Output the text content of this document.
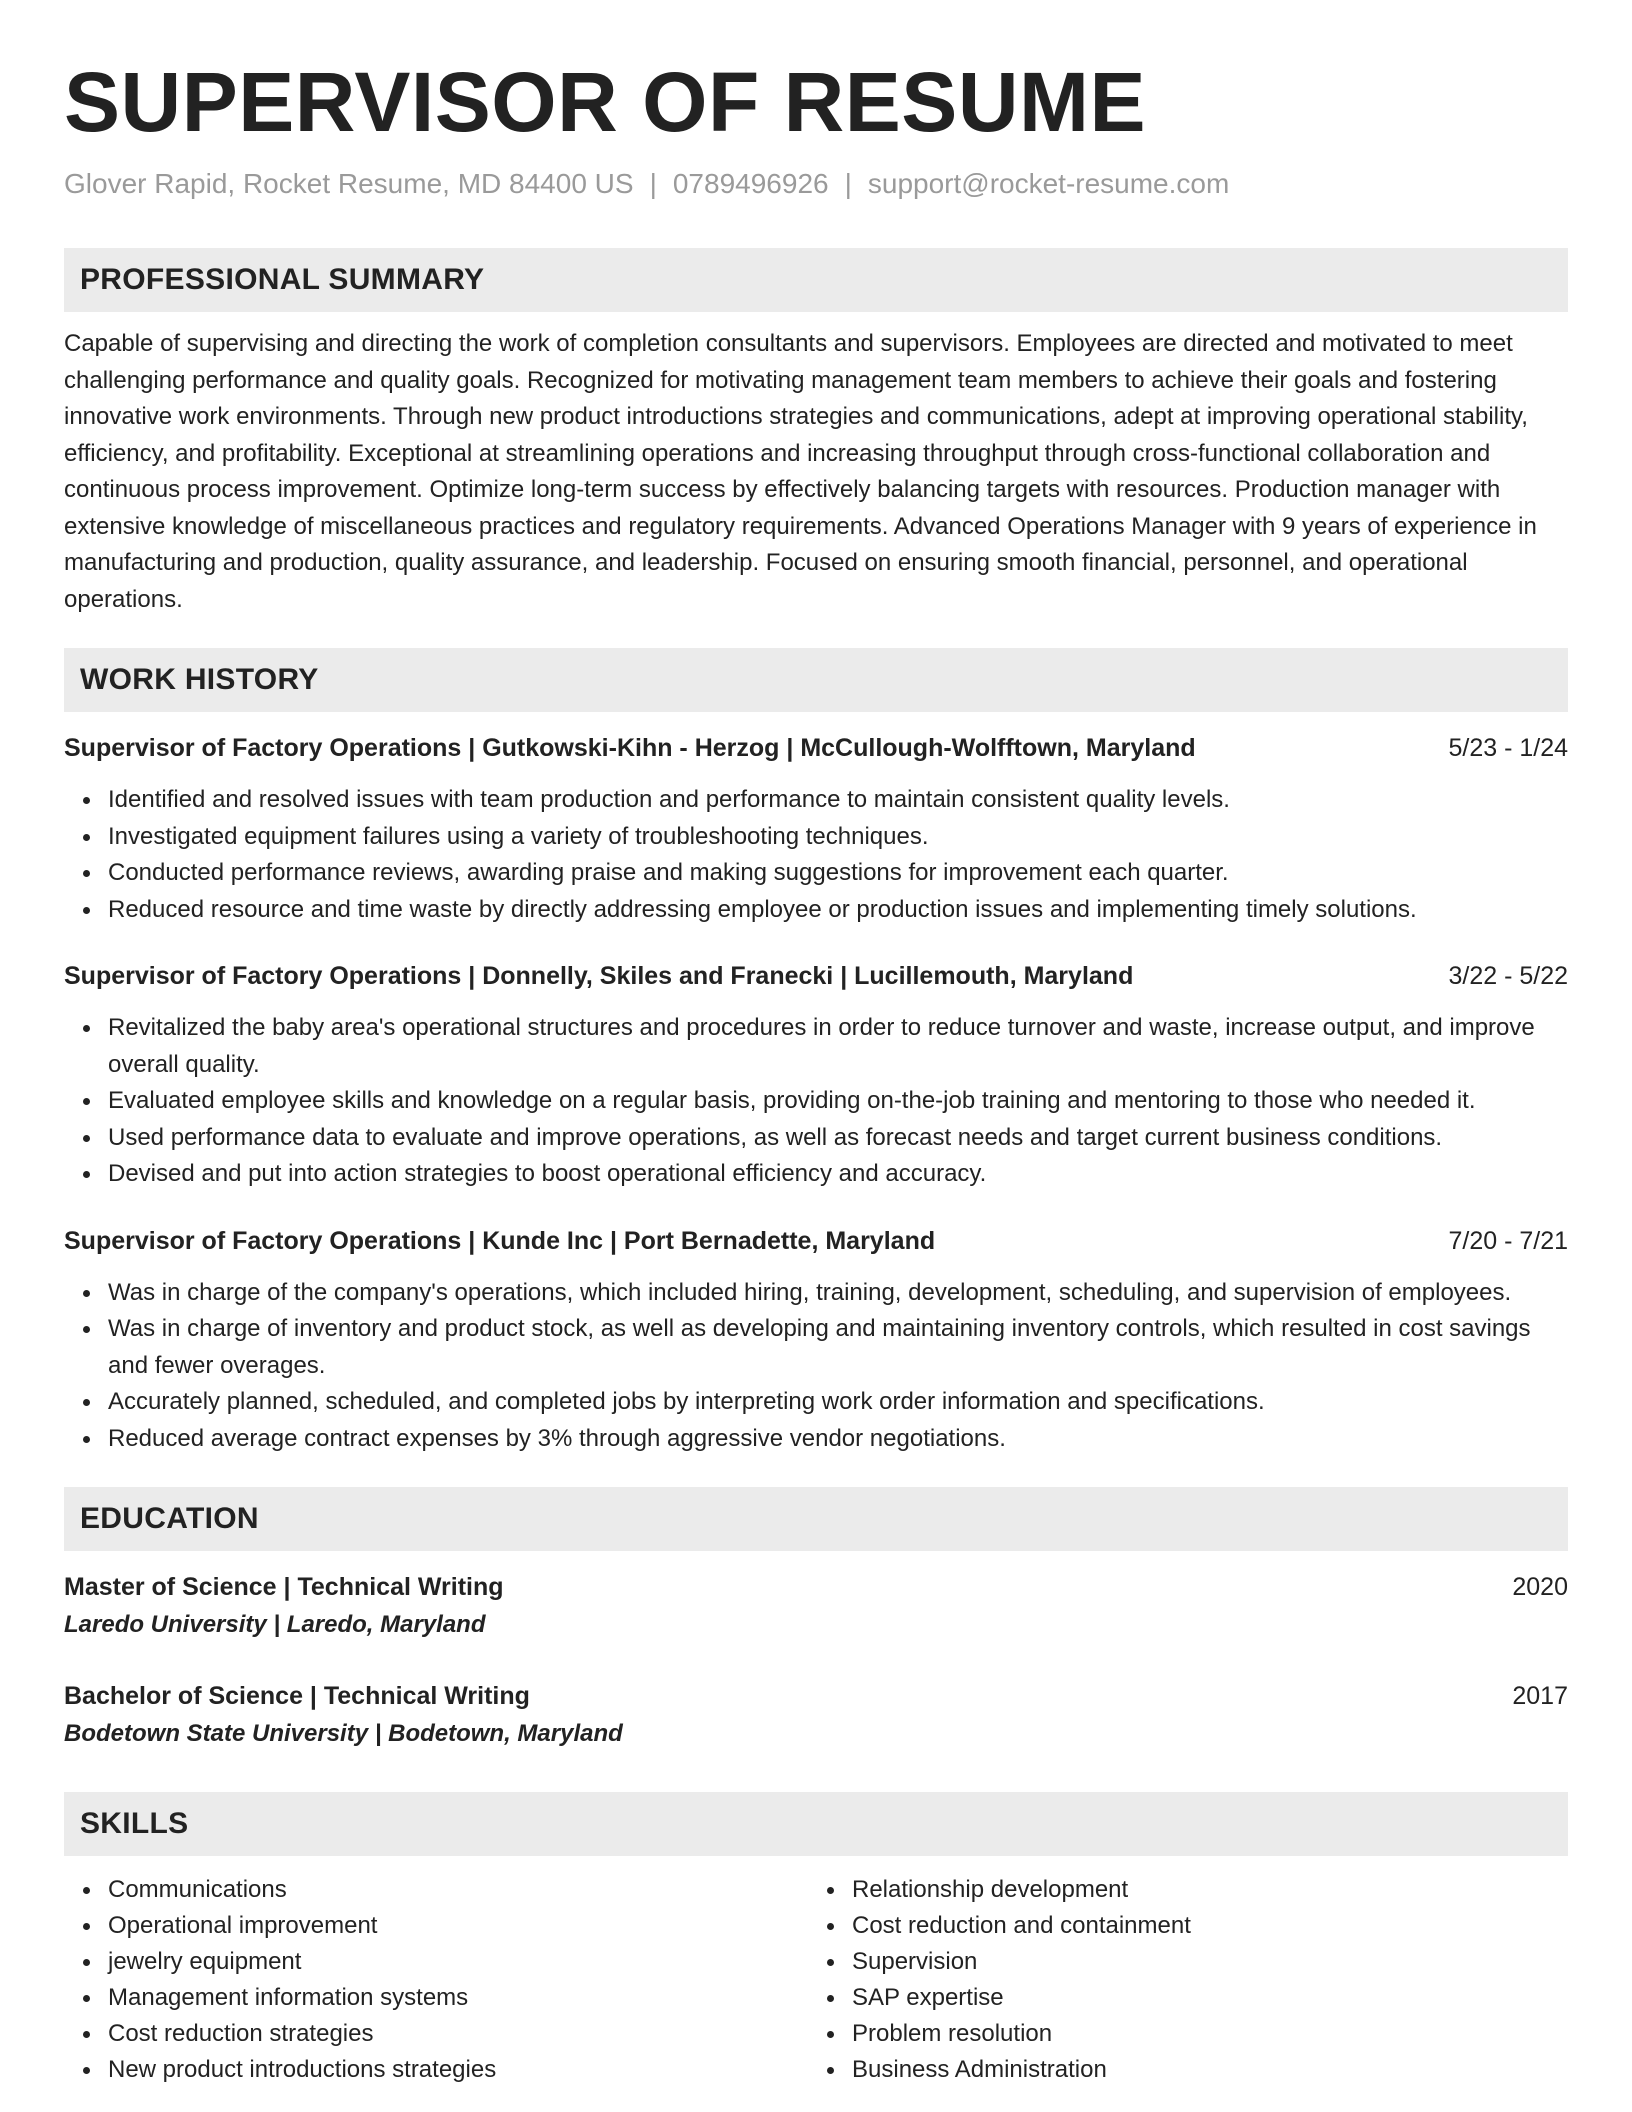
SUPERVISOR OF RESUME
Glover Rapid, Rocket Resume, MD 84400 US | 0789496926 | support@rocket-resume.com
PROFESSIONAL SUMMARY

Capable of supervising and directing the work of completion consultants and supervisors. Employees are directed and motivated to meet challenging performance and quality goals. Recognized for motivating management team members to achieve their goals and fostering innovative work environments. Through new product introductions strategies and communications, adept at improving operational stability, efficiency, and profitability. Exceptional at streamlining operations and increasing throughput through cross-functional collaboration and continuous process improvement. Optimize long-term success by effectively balancing targets with resources. Production manager with extensive knowledge of miscellaneous practices and regulatory requirements. Advanced Operations Manager with 9 years of experience in manufacturing and production, quality assurance, and leadership. Focused on ensuring smooth financial, personnel, and operational operations.

WORK HISTORY
Supervisor of Factory Operations | Gutkowski-Kihn - Herzog | McCullough-Wolfftown, Maryland	5/23 - 1/24
Identified and resolved issues with team production and performance to maintain consistent quality levels.
Investigated equipment failures using a variety of troubleshooting techniques.
Conducted performance reviews, awarding praise and making suggestions for improvement each quarter.
Reduced resource and time waste by directly addressing employee or production issues and implementing timely solutions.
Supervisor of Factory Operations | Donnelly, Skiles and Franecki | Lucillemouth, Maryland	3/22 - 5/22
Revitalized the baby area's operational structures and procedures in order to reduce turnover and waste, increase output, and improve overall quality.
Evaluated employee skills and knowledge on a regular basis, providing on-the-job training and mentoring to those who needed it.
Used performance data to evaluate and improve operations, as well as forecast needs and target current business conditions.
Devised and put into action strategies to boost operational efficiency and accuracy.
Supervisor of Factory Operations | Kunde Inc | Port Bernadette, Maryland	7/20 - 7/21
Was in charge of the company's operations, which included hiring, training, development, scheduling, and supervision of employees.
Was in charge of inventory and product stock, as well as developing and maintaining inventory controls, which resulted in cost savings and fewer overages.
Accurately planned, scheduled, and completed jobs by interpreting work order information and specifications.
Reduced average contract expenses by 3% through aggressive vendor negotiations.
EDUCATION
Master of Science | Technical Writing	2020
Laredo University | Laredo, Maryland
Bachelor of Science | Technical Writing	2017
Bodetown State University | Bodetown, Maryland
SKILLS
Communications
Operational improvement
jewelry equipment
Management information systems
Cost reduction strategies
New product introductions strategies
Relationship development
Cost reduction and containment
Supervision
SAP expertise
Problem resolution
Business Administration
